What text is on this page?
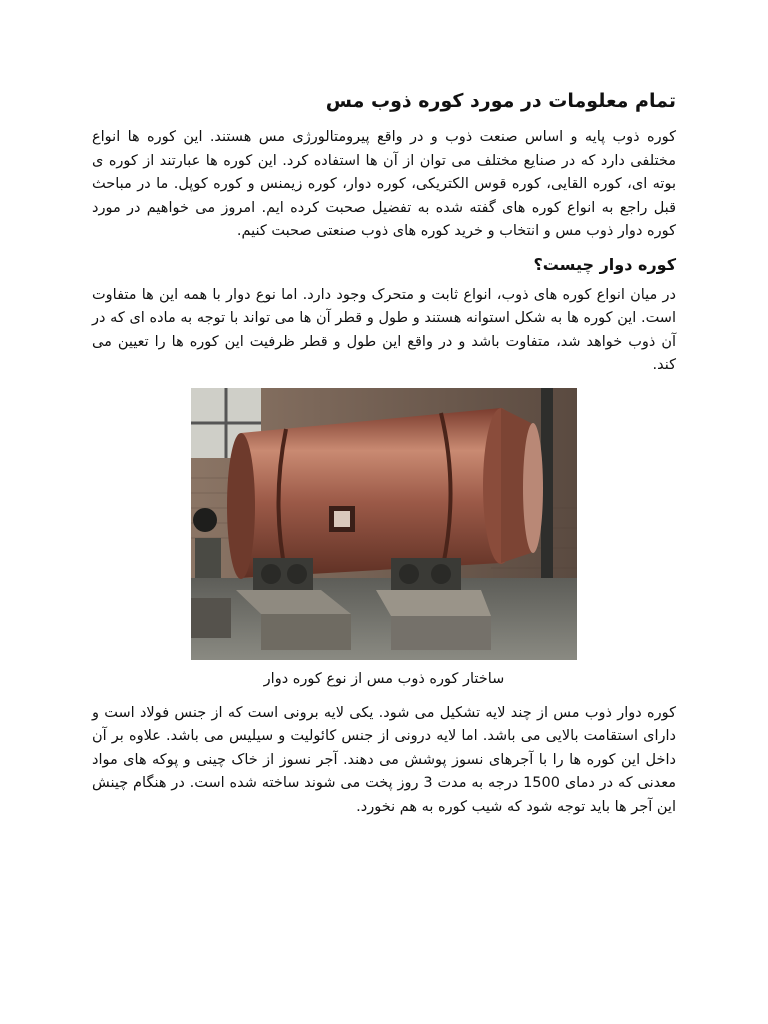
تمام معلومات در مورد کوره ذوب مس

کوره ذوب پایه و اساس صنعت ذوب و در واقع پیرومتالورژی مس هستند. این کوره ها انواع مختلفی دارد که در صنایع مختلف می توان از آن ها استفاده کرد. این کوره ها عبارتند از کوره ی بوته ای، کوره القایی، کوره قوس الکتریکی، کوره دوار، کوره زیمنس و کوره کوپل. ما در مباحث قبل راجع به انواع کوره های گفته شده به تفضیل صحبت کرده ایم. امروز می خواهیم در مورد کوره دوار ذوب مس و انتخاب و خرید کوره های ذوب صنعتی صحبت کنیم.

کوره دوار چیست؟

در میان انواع کوره های ذوب، انواع ثابت و متحرک وجود دارد. اما نوع دوار با همه این ها متفاوت است. این کوره ها به شکل استوانه هستند و طول و قطر آن ها می تواند با توجه به ماده ای که در آن ذوب خواهد شد، متفاوت باشد و در واقع این طول و قطر ظرفیت این کوره ها را تعیین می کند.

ساختار کوره ذوب مس از نوع کوره دوار

کوره دوار ذوب مس از چند لایه تشکیل می شود. یکی لایه برونی است که از جنس فولاد است و دارای استقامت بالایی می باشد. اما لایه درونی از جنس کائولیت و سیلیس می باشد. علاوه بر آن داخل این کوره ها را با آجرهای نسوز پوشش می دهند. آجر نسوز از خاک چینی و پوکه های مواد معدنی که در دمای 1500 درجه به مدت 3 روز پخت می شوند ساخته شده است. در هنگام چینش این آجر ها باید توجه شود که شیب کوره به هم نخورد.
